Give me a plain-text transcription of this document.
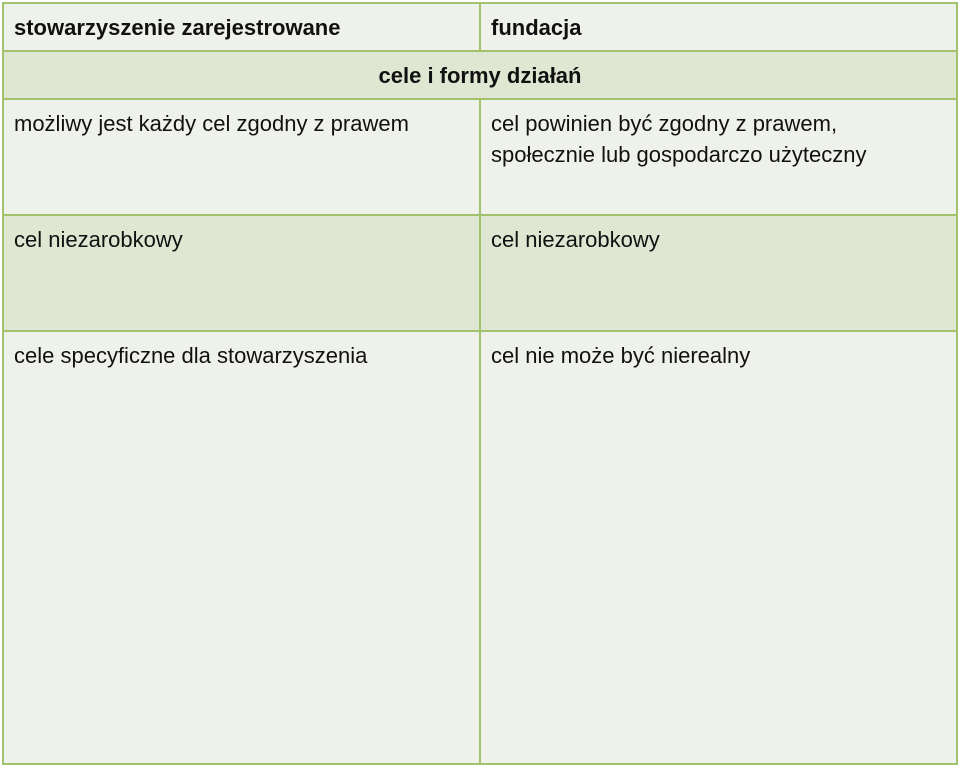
stowarzyszenie zarejestrowane	fundacja

cele i formy działań	

możliwy jest każdy cel zgodny z prawem	cel powinien być zgodny z prawem,
społecznie lub gospodarczo użyteczny

cel niezarobkowy	cel niezarobkowy

cele specyficzne dla stowarzyszenia	cel nie może być nierealny
